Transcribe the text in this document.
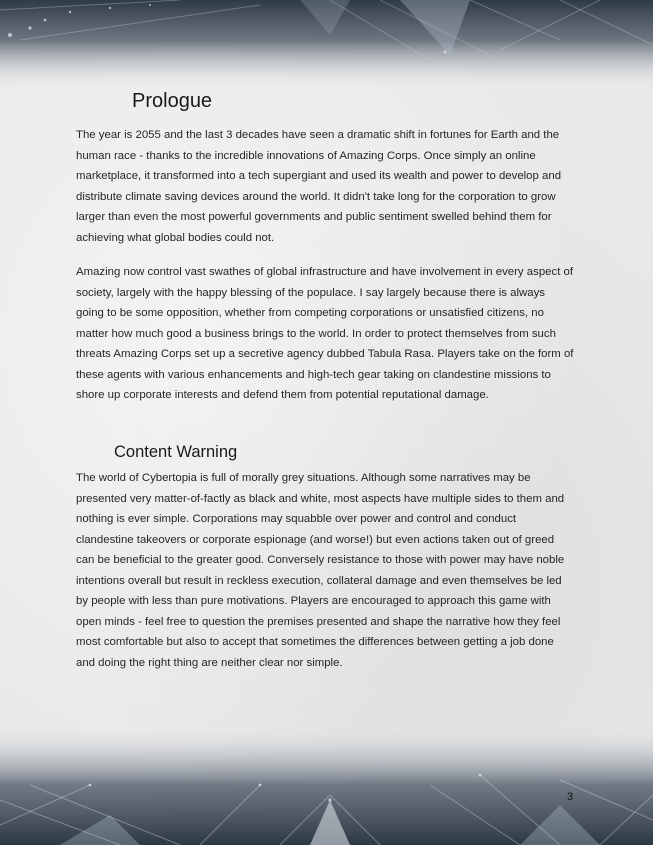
Prologue

The year is 2055 and the last 3 decades have seen a dramatic shift in fortunes for Earth and the human race - thanks to the incredible innovations of Amazing Corps. Once simply an online marketplace, it transformed into a tech supergiant and used its wealth and power to develop and distribute climate saving devices around the world. It didn't take long for the corporation to grow larger than even the most powerful governments and public sentiment swelled behind them for achieving what global bodies could not.

Amazing now control vast swathes of global infrastructure and have involvement in every aspect of society, largely with the happy blessing of the populace. I say largely because there is always going to be some opposition, whether from competing corporations or unsatisfied citizens, no matter how much good a business brings to the world. In order to protect themselves from such threats Amazing Corps set up a secretive agency dubbed Tabula Rasa. Players take on the form of these agents with various enhancements and high-tech gear taking on clandestine missions to shore up corporate interests and defend them from potential reputational damage.

Content Warning

The world of Cybertopia is full of morally grey situations. Although some narratives may be presented very matter-of-factly as black and white, most aspects have multiple sides to them and nothing is ever simple. Corporations may squabble over power and control and conduct clandestine takeovers or corporate espionage (and worse!) but even actions taken out of greed can be beneficial to the greater good. Conversely resistance to those with power may have noble intentions overall but result in reckless execution, collateral damage and even themselves be led by people with less than pure motivations. Players are encouraged to approach this game with open minds - feel free to question the premises presented and shape the narrative how they feel most comfortable but also to accept that sometimes the differences between getting a job done and doing the right thing are neither clear nor simple.

3
